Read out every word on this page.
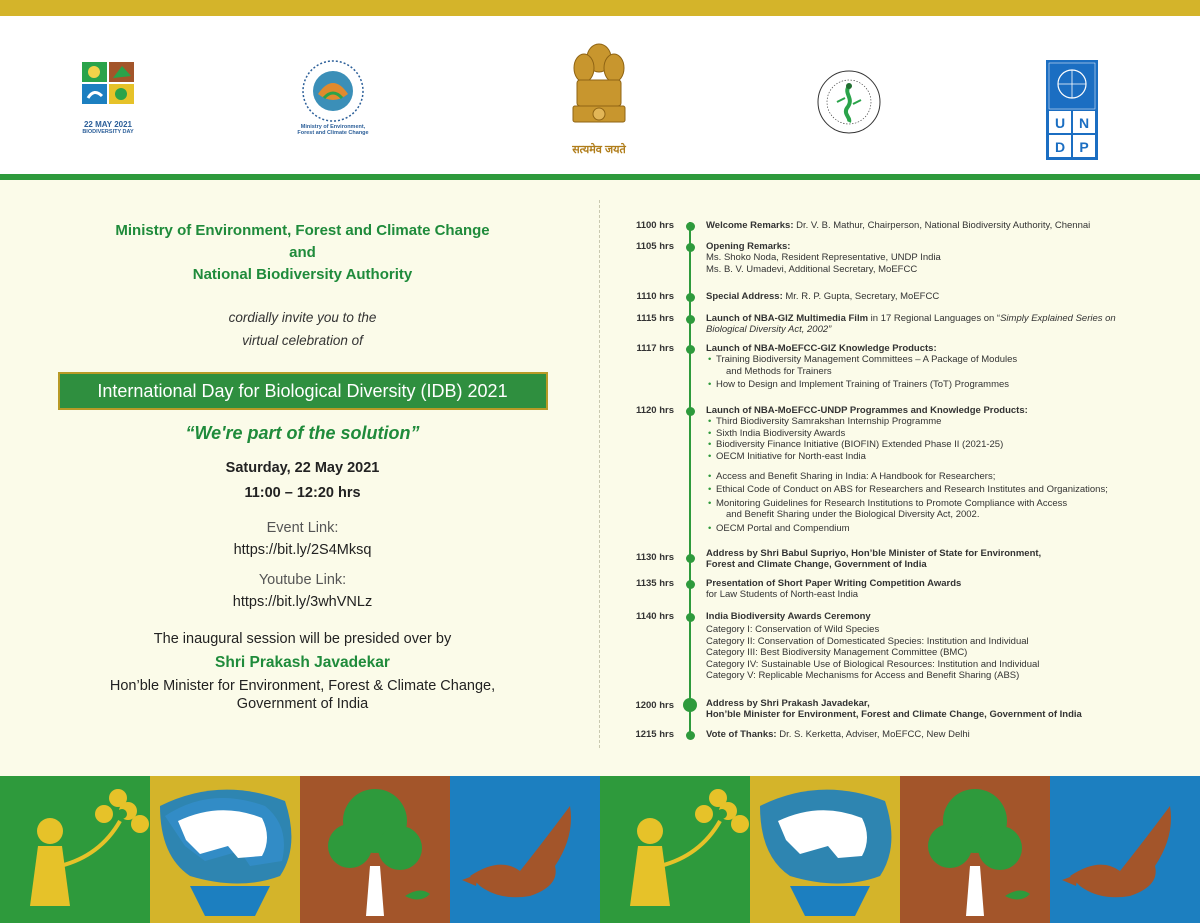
22 MAY 2021
BIODIVERSITY DAY
Ministry of Environment,
Forest and Climate Change
सत्यमेव जयते
U N
D P
Ministry of Environment, Forest and Climate Change
and
National Biodiversity Authority
cordially invite you to the
virtual celebration of
International Day for Biological Diversity (IDB) 2021
“We're part of the solution”
Saturday, 22 May 2021
11:00 – 12:20 hrs
Event Link:
https://bit.ly/2S4Mksq
Youtube Link:
https://bit.ly/3whVNLz
The inaugural session will be presided over by
Shri Prakash Javadekar
Hon’ble Minister for Environment, Forest & Climate Change,
Government of India
1100 hrs	Welcome Remarks: Dr. V. B. Mathur, Chairperson, National Biodiversity Authority, Chennai
1105 hrs	Opening Remarks:
Ms. Shoko Noda, Resident Representative, UNDP India
Ms. B. V. Umadevi, Additional Secretary, MoEFCC
1110 hrs	Special Address: Mr. R. P. Gupta, Secretary, MoEFCC
1115 hrs	Launch of NBA-GIZ Multimedia Film in 17 Regional Languages on “Simply Explained Series on
Biological Diversity Act, 2002”
1117 hrs	Launch of NBA-MoEFCC-GIZ Knowledge Products:
• Training Biodiversity Management Committees – A Package of Modules
and Methods for Trainers
• How to Design and Implement Training of Trainers (ToT) Programmes
1120 hrs	Launch of NBA-MoEFCC-UNDP Programmes and Knowledge Products:
• Third Biodiversity Samrakshan Internship Programme
• Sixth India Biodiversity Awards
• Biodiversity Finance Initiative (BIOFIN) Extended Phase II (2021-25)
• OECM Initiative for North-east India
• Access and Benefit Sharing in India: A Handbook for Researchers;
• Ethical Code of Conduct on ABS for Researchers and Research Institutes and Organizations;
• Monitoring Guidelines for Research Institutions to Promote Compliance with Access
and Benefit Sharing under the Biological Diversity Act, 2002.
• OECM Portal and Compendium
1130 hrs	Address by Shri Babul Supriyo, Hon’ble Minister of State for Environment,
Forest and Climate Change, Government of India
1135 hrs	Presentation of Short Paper Writing Competition Awards
for Law Students of North-east India
1140 hrs	India Biodiversity Awards Ceremony
Category I: Conservation of Wild Species
Category II: Conservation of Domesticated Species: Institution and Individual
Category III: Best Biodiversity Management Committee (BMC)
Category IV: Sustainable Use of Biological Resources: Institution and Individual
Category V: Replicable Mechanisms for Access and Benefit Sharing (ABS)
1200 hrs	Address by Shri Prakash Javadekar,
Hon’ble Minister for Environment, Forest and Climate Change, Government of India
1215 hrs	Vote of Thanks: Dr. S. Kerketta, Adviser, MoEFCC, New Delhi
